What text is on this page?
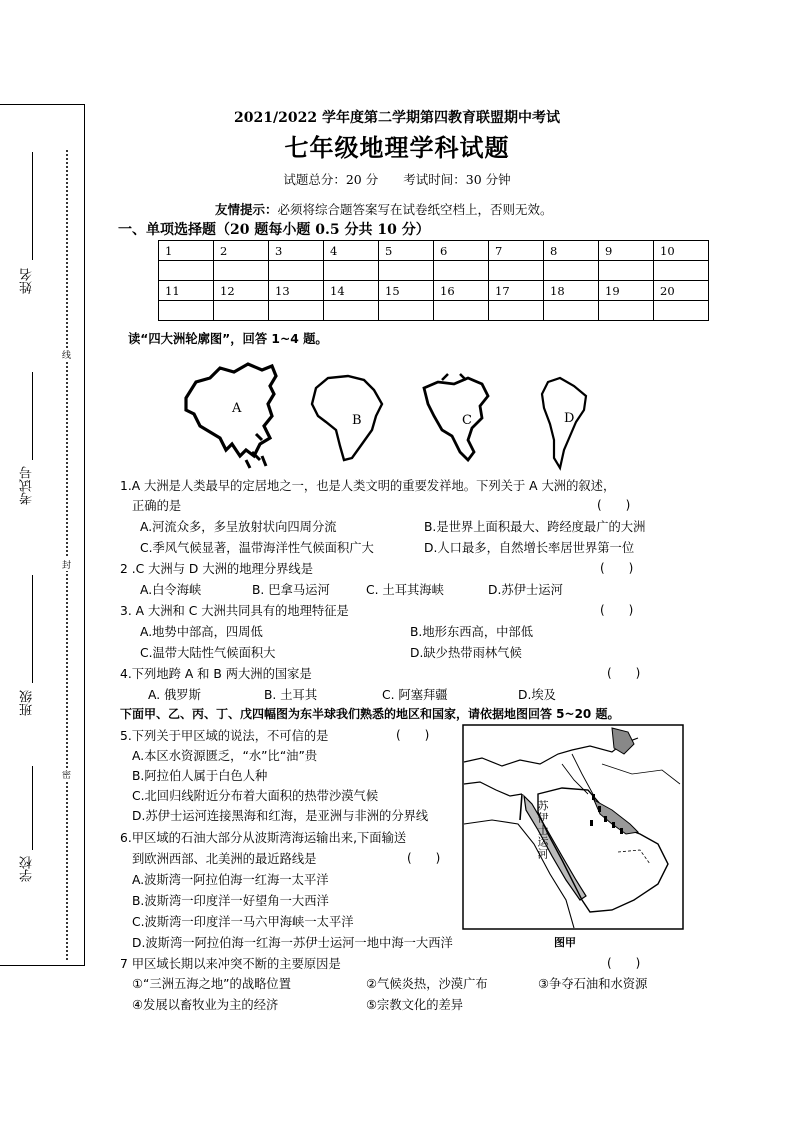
姓名
考试号
班级
学校
线
封
密
2021/2022 学年度第二学期第四教育联盟期中考试
七年级地理学科试题
试题总分：20 分　　考试时间：30 分钟
友情提示：必须将综合题答案写在试卷纸空档上，否则无效。
一、单项选择题（20 题每小题 0.5 分共 10 分）
1	2	3	4	5	6	7	8	9	10

11	12	13	14	15	16	17	18	19	20

读“四大洲轮廓图”，回答 1~4 题。
A
B	C	D
1.A 大洲是人类最早的定居地之一，也是人类文明的重要发祥地。下列关于 A 大洲的叙述，
正确的是	(　　)
A.河流众多，多呈放射状向四周分流	B.是世界上面积最大、跨经度最广的大洲
C.季风气候显著，温带海洋性气候面积广大	D.人口最多，自然增长率居世界第一位
2 .C 大洲与 D 大洲的地理分界线是	(　　)
A.白令海峡	B. 巴拿马运河	C. 土耳其海峡	D.苏伊士运河
3. A 大洲和 C 大洲共同具有的地理特征是	(　　)
A.地势中部高，四周低	B.地形东西高，中部低
C.温带大陆性气候面积大	D.缺少热带雨林气候
4.下列地跨 A 和 B 两大洲的国家是	(　　)
A. 俄罗斯	B. 土耳其	C. 阿塞拜疆	D.埃及
下面甲、乙、丙、丁、戊四幅图为东半球我们熟悉的地区和国家，请依据地图回答 5~20 题。
5.下列关于甲区域的说法，不可信的是	(　　)
A.本区水资源匮乏，“水”比“油”贵
B.阿拉伯人属于白色人种
C.北回归线附近分布着大面积的热带沙漠气候
D.苏伊士运河连接黑海和红海，是亚洲与非洲的分界线
6.甲区域的石油大部分从波斯湾海运输出来,下面输送
到欧洲西部、北美洲的最近路线是	(　　)
A.波斯湾一阿拉伯海一红海一太平洋
B.波斯湾一印度洋一好望角一大西洋
C.波斯湾一印度洋一马六甲海峡一太平洋
D.波斯湾一阿拉伯海一红海一苏伊士运河一地中海一大西洋
苏伊士运河
图甲
7 甲区域长期以来冲突不断的主要原因是	(　　)
①“三洲五海之地”的战略位置	②气候炎热，沙漠广布	③争夺石油和水资源
④发展以畜牧业为主的经济	⑤宗教文化的差异
